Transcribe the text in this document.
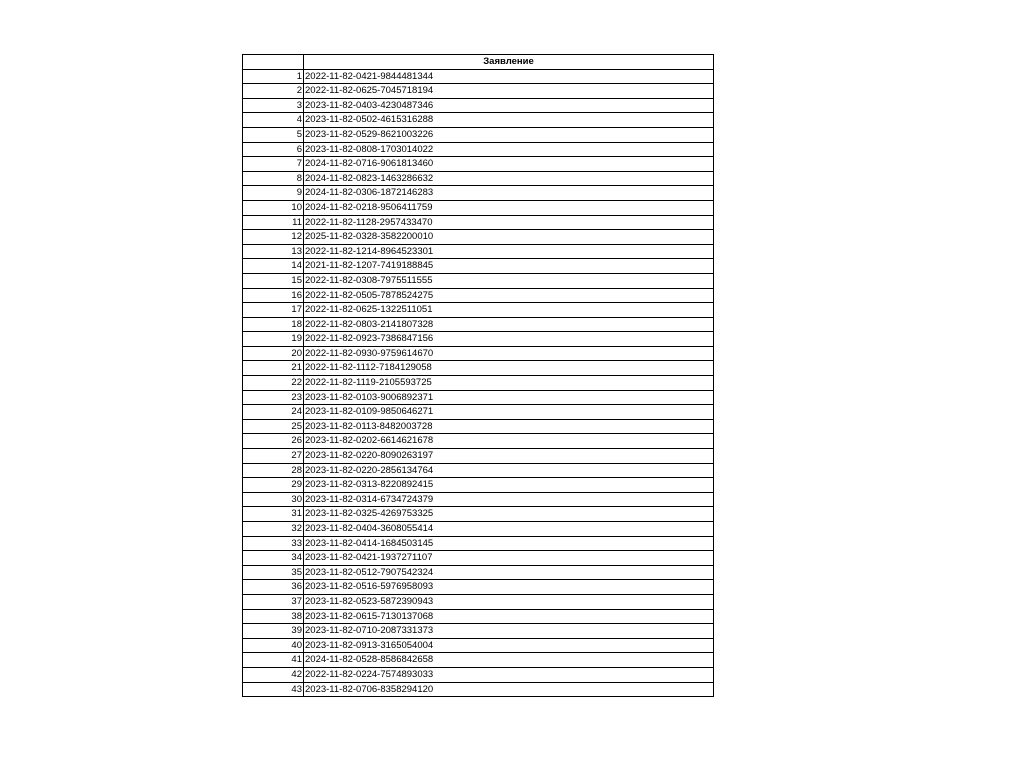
	Заявление
1	2022-11-82-0421-9844481344
2	2022-11-82-0625-7045718194
3	2023-11-82-0403-4230487346
4	2023-11-82-0502-4615316288
5	2023-11-82-0529-8621003226
6	2023-11-82-0808-1703014022
7	2024-11-82-0716-9061813460
8	2024-11-82-0823-1463286632
9	2024-11-82-0306-1872146283
10	2024-11-82-0218-9506411759
11	2022-11-82-1128-2957433470
12	2025-11-82-0328-3582200010
13	2022-11-82-1214-8964523301
14	2021-11-82-1207-7419188845
15	2022-11-82-0308-7975511555
16	2022-11-82-0505-7878524275
17	2022-11-82-0625-1322511051
18	2022-11-82-0803-2141807328
19	2022-11-82-0923-7386847156
20	2022-11-82-0930-9759614670
21	2022-11-82-1112-7184129058
22	2022-11-82-1119-2105593725
23	2023-11-82-0103-9006892371
24	2023-11-82-0109-9850646271
25	2023-11-82-0113-8482003728
26	2023-11-82-0202-6614621678
27	2023-11-82-0220-8090263197
28	2023-11-82-0220-2856134764
29	2023-11-82-0313-8220892415
30	2023-11-82-0314-6734724379
31	2023-11-82-0325-4269753325
32	2023-11-82-0404-3608055414
33	2023-11-82-0414-1684503145
34	2023-11-82-0421-1937271107
35	2023-11-82-0512-7907542324
36	2023-11-82-0516-5976958093
37	2023-11-82-0523-5872390943
38	2023-11-82-0615-7130137068
39	2023-11-82-0710-2087331373
40	2023-11-82-0913-3165054004
41	2024-11-82-0528-8586842658
42	2022-11-82-0224-7574893033
43	2023-11-82-0706-8358294120
